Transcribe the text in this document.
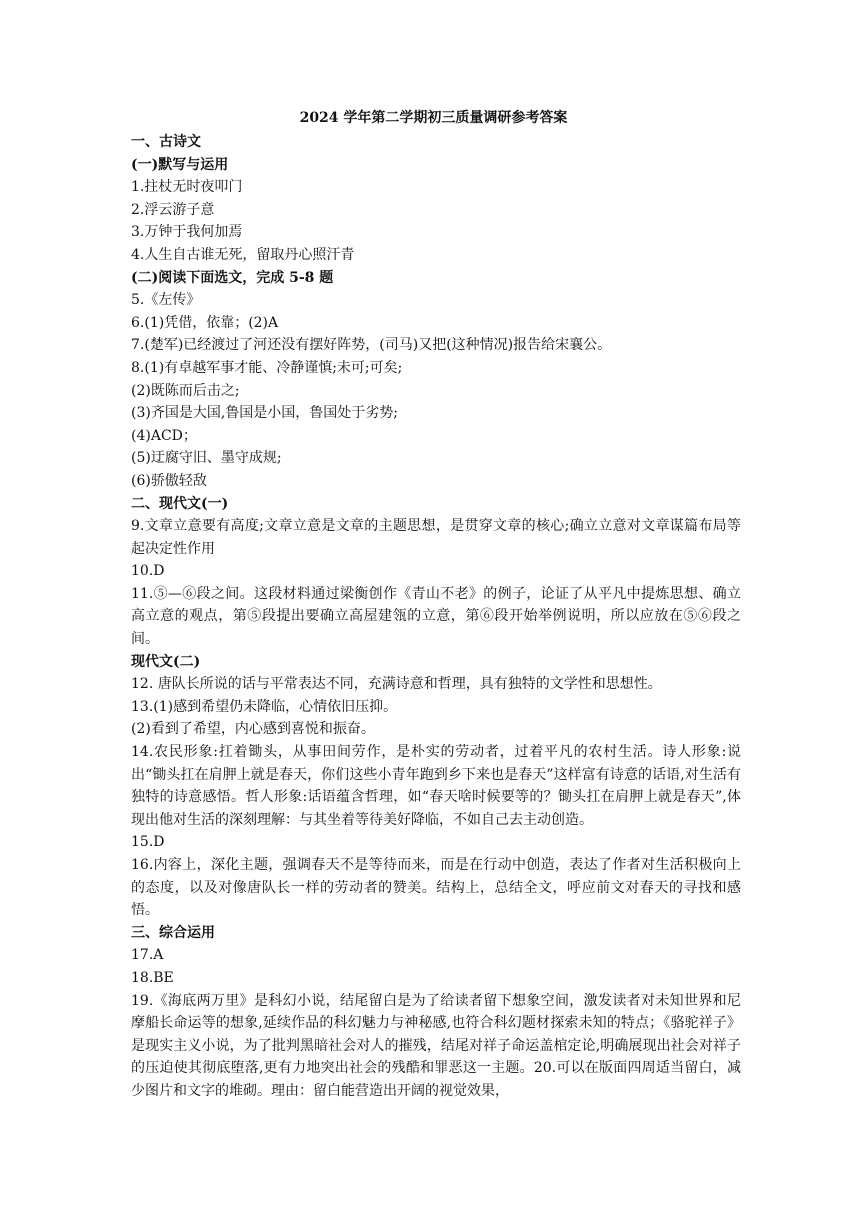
2024 学年第二学期初三质量调研参考答案
一、古诗文
(一)默写与运用
1.拄杖无时夜叩门
2.浮云游子意
3.万钟于我何加焉
4.人生自古谁无死，留取丹心照汗青
(二)阅读下面选文，完成 5-8 题
5.《左传》
6.(1)凭借，依靠；(2)A
7.(楚军)已经渡过了河还没有摆好阵势，(司马)又把(这种情况)报告给宋襄公。
8.(1)有卓越军事才能、冷静谨慎;未可;可矣;
(2)既陈而后击之;
(3)齐国是大国,鲁国是小国，鲁国处于劣势;
(4)ACD；
(5)迂腐守旧、墨守成规;
(6)骄傲轻敌
二、现代文(一)
9.文章立意要有高度;文章立意是文章的主题思想，是贯穿文章的核心;确立立意对文章谋篇布局等起决定性作用
10.D
11.⑤—⑥段之间。这段材料通过梁衡创作《青山不老》的例子，论证了从平凡中提炼思想、确立高立意的观点，第⑤段提出要确立高屋建瓴的立意，第⑥段开始举例说明，所以应放在⑤⑥段之间。
现代文(二)
12. 唐队长所说的话与平常表达不同，充满诗意和哲理，具有独特的文学性和思想性。
13.(1)感到希望仍未降临，心情依旧压抑。
(2)看到了希望，内心感到喜悦和振奋。
14.农民形象:扛着锄头，从事田间劳作，是朴实的劳动者，过着平凡的农村生活。诗人形象:说出“锄头扛在肩胛上就是春天，你们这些小青年跑到乡下来也是春天”这样富有诗意的话语,对生活有独特的诗意感悟。哲人形象:话语蕴含哲理，如“春天啥时候要等的？锄头扛在肩胛上就是春天”,体现出他对生活的深刻理解：与其坐着等待美好降临，不如自己去主动创造。
15.D
16.内容上，深化主题，强调春天不是等待而来，而是在行动中创造，表达了作者对生活积极向上的态度，以及对像唐队长一样的劳动者的赞美。结构上，总结全文，呼应前文对春天的寻找和感悟。
三、综合运用
17.A
18.BE
19.《海底两万里》是科幻小说，结尾留白是为了给读者留下想象空间，激发读者对未知世界和尼摩船长命运等的想象,延续作品的科幻魅力与神秘感,也符合科幻题材探索未知的特点；《骆驼祥子》是现实主义小说，为了批判黑暗社会对人的摧残，结尾对祥子命运盖棺定论,明确展现出社会对祥子的压迫使其彻底堕落,更有力地突出社会的残酷和罪恶这一主题。20.可以在版面四周适当留白，减少图片和文字的堆砌。理由：留白能营造出开阔的视觉效果，
